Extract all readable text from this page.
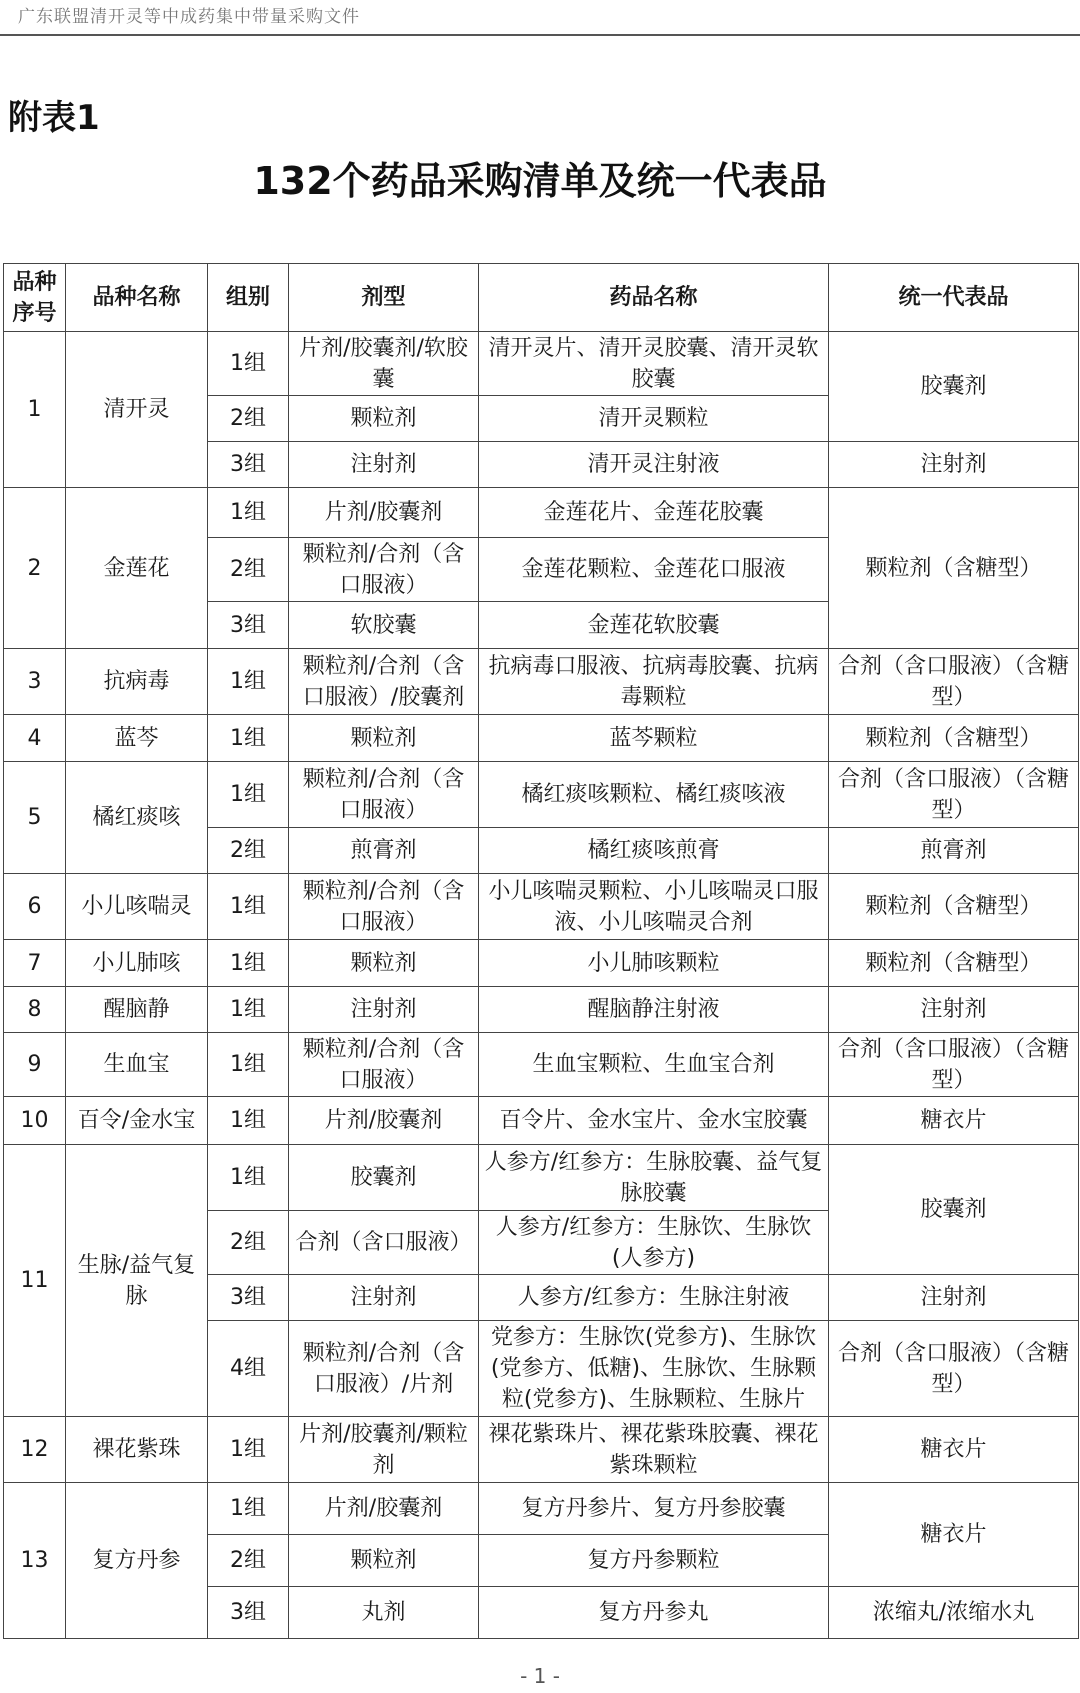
广东联盟清开灵等中成药集中带量采购文件
附表1
132个药品采购清单及统一代表品
品种序号	品种名称	组别	剂型	药品名称	统一代表品
1	清开灵	1组	片剂/胶囊剂/软胶囊	清开灵片、清开灵胶囊、清开灵软胶囊	胶囊剂
		2组	颗粒剂	清开灵颗粒	
		3组	注射剂	清开灵注射液	注射剂
2	金莲花	1组	片剂/胶囊剂	金莲花片、金莲花胶囊	颗粒剂（含糖型）
		2组	颗粒剂/合剂（含口服液）	金莲花颗粒、金莲花口服液	
		3组	软胶囊	金莲花软胶囊	
3	抗病毒	1组	颗粒剂/合剂（含口服液）/胶囊剂	抗病毒口服液、抗病毒胶囊、抗病毒颗粒	合剂（含口服液）（含糖型）
4	蓝芩	1组	颗粒剂	蓝芩颗粒	颗粒剂（含糖型）
5	橘红痰咳	1组	颗粒剂/合剂（含口服液）	橘红痰咳颗粒、橘红痰咳液	合剂（含口服液）（含糖型）
		2组	煎膏剂	橘红痰咳煎膏	煎膏剂
6	小儿咳喘灵	1组	颗粒剂/合剂（含口服液）	小儿咳喘灵颗粒、小儿咳喘灵口服液、小儿咳喘灵合剂	颗粒剂（含糖型）
7	小儿肺咳	1组	颗粒剂	小儿肺咳颗粒	颗粒剂（含糖型）
8	醒脑静	1组	注射剂	醒脑静注射液	注射剂
9	生血宝	1组	颗粒剂/合剂（含口服液）	生血宝颗粒、生血宝合剂	合剂（含口服液）（含糖型）
10	百令/金水宝	1组	片剂/胶囊剂	百令片、金水宝片、金水宝胶囊	糖衣片
11	生脉/益气复脉	1组	胶囊剂	人参方/红参方：生脉胶囊、益气复脉胶囊	胶囊剂
		2组	合剂（含口服液）	人参方/红参方：生脉饮、生脉饮(人参方)	
		3组	注射剂	人参方/红参方：生脉注射液	注射剂
		4组	颗粒剂/合剂（含口服液）/片剂	党参方：生脉饮(党参方)、生脉饮(党参方、低糖)、生脉饮、生脉颗粒(党参方)、生脉颗粒、生脉片	合剂（含口服液）（含糖型）
12	裸花紫珠	1组	片剂/胶囊剂/颗粒剂	裸花紫珠片、裸花紫珠胶囊、裸花紫珠颗粒	糖衣片
13	复方丹参	1组	片剂/胶囊剂	复方丹参片、复方丹参胶囊	糖衣片
		2组	颗粒剂	复方丹参颗粒	
		3组	丸剂	复方丹参丸	浓缩丸/浓缩水丸
- 1 -
